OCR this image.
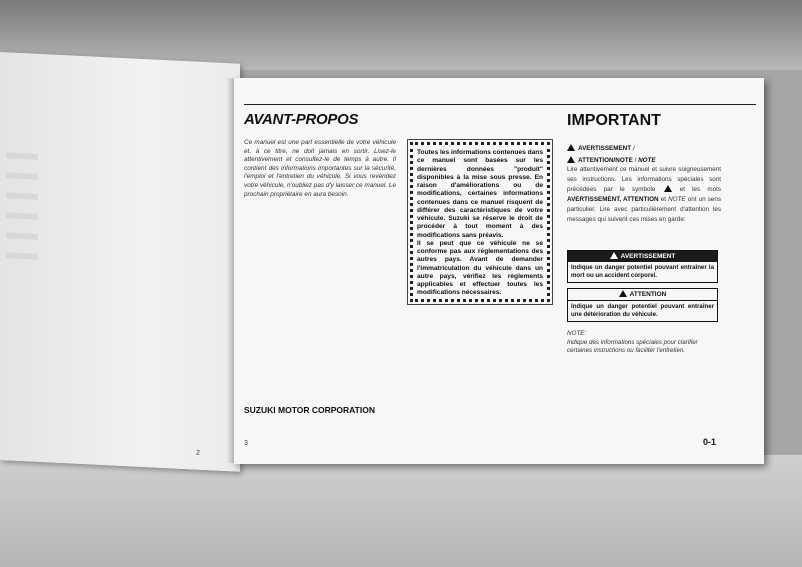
2
AVANT-PROPOS
Ce manuel est une part essentielle de votre véhicule et, à ce titre, ne doit jamais en sortir. Lisez-le attentivement et consultez-le de temps à autre. Il contient des informations importantes sur la sécurité, l'emploi et l'entretien du véhicule. Si vous revendez votre véhicule, n'oubliez pas d'y laisser ce manuel. Le prochain propriétaire en aura besoin.
Toutes les informations contenues dans ce manuel sont basées sur les dernières données "produit" disponibles à la mise sous presse. En raison d'améliorations ou de modifications, certaines informations contenues dans ce manuel risquent de différer des caractéristiques de votre véhicule. Suzuki se réserve le droit de procéder à tout moment à des modifications sans préavis.
Il se peut que ce véhicule ne se conforme pas aux réglementations des autres pays. Avant de demander l'immatriculation du véhicule dans un autre pays, vérifiez les règlements applicables et effectuer toutes les modifications nécessaires.
SUZUKI MOTOR CORPORATION
IMPORTANT
AVERTISSEMENT /
ATTENTION/NOTE / NOTE
Lire attentivement ce manuel et suivre soigneusement ses instructions. Les informations spéciales sont précédées par le symbole	et les mots AVERTISSEMENT, ATTENTION et NOTE ont un sens particulier. Lire avec particulièrement d'attention les messages qui suivent ces mises en garde:
AVERTISSEMENT
Indique un danger potentiel pouvant entraîner la mort ou un accident corporel.
ATTENTION
Indique un danger potentiel pouvant entraîner une détérioration du véhicule.
NOTE:
Indique des informations spéciales pour clarifier certaines instructions ou faciliter l'entretien.
3	0-1
